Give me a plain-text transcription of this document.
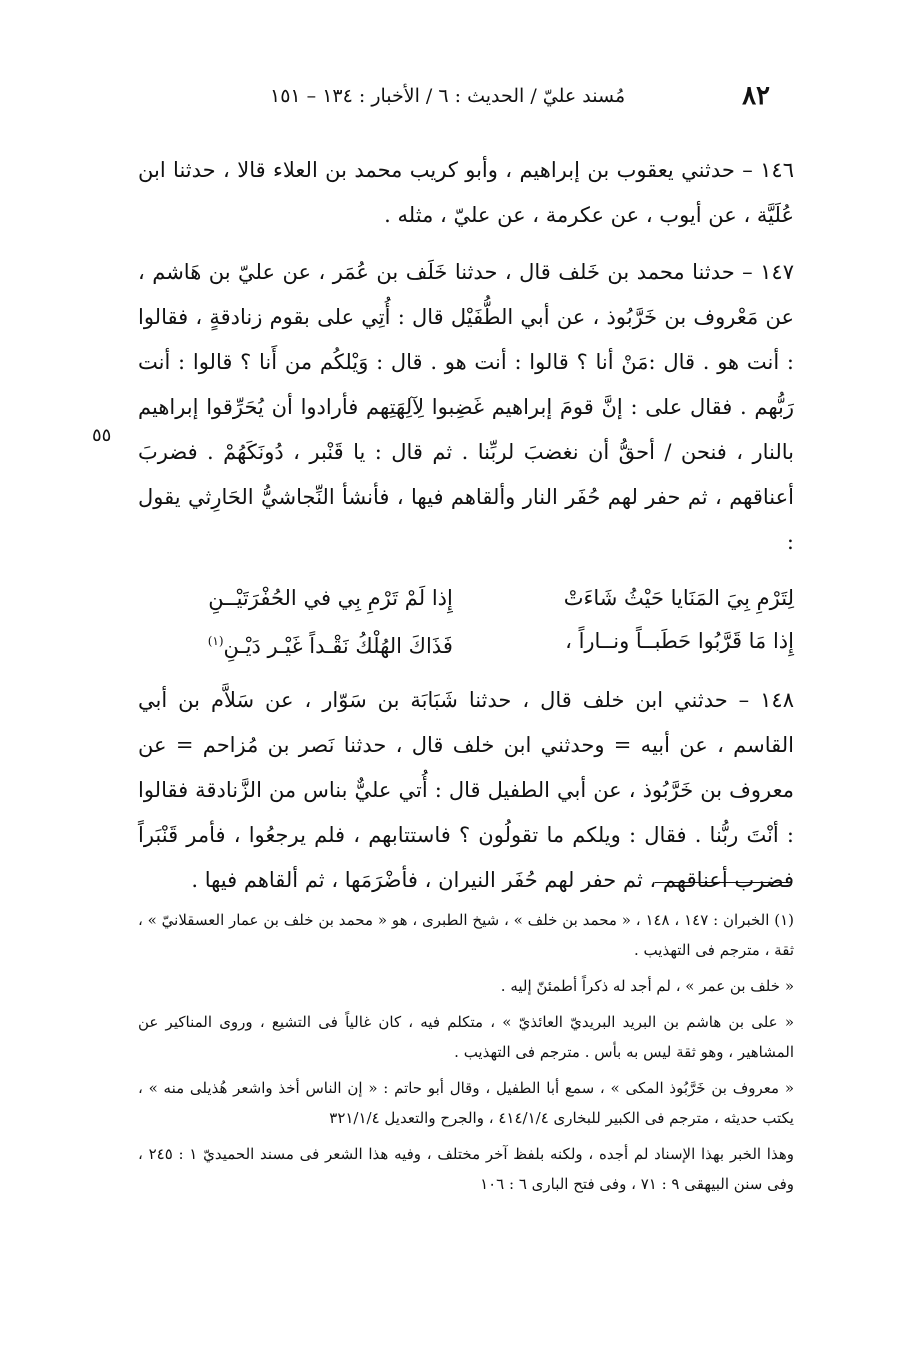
٨٢
مُسند عليّ / الحديث : ٦ / الأخبار : ١٣٤ – ١٥١

١٤٦ – حدثني يعقوب بن إبراهيم ، وأبو كريب محمد بن العلاء قالا ، حدثنا ابن عُلَيَّة ، عن أيوب ، عن عكرمة ، عن عليّ ، مثله .

١٤٧ – حدثنا محمد بن خَلف قال ، حدثنا خَلَف بن عُمَر ، عن عليّ بن هَاشم ، عن مَعْروف بن خَرَّبُوذ ، عن أبي الطُّفَيْل قال : أُتِي على بقوم زنادقةٍ ، فقالوا : أنت هو . قال :مَنْ أنا ؟ قالوا : أنت هو . قال : وَيْلكُم من أَنا ؟ قالوا : أنت رَبُّهم . فقال على : إنَّ قومَ إبراهيم غَضِبوا لِآلِهَتِهم فأرادوا أن يُحَرِّقوا إبراهيم بالنار ، فنحن / أحقُّ أن نغضبَ لربِّنا . ثم قال : يا قَنْبر ، دُونَكَهُمْ . فضربَ أعناقهم ، ثم حفر لهم حُفَر النار وألقاهم فيها ، فأنشأ النِّجاشيُّ الحَارِثي يقول :

لِتَرْمِ بِيَ المَنَايا حَيْثُ شَاءَتْ
إِذا لَمْ تَرْمِ بِي في الحُفْرَتَيْــنِ
إِذا مَا قَرَّبُوا حَطَبــاً ونــاراً ،
فَذَاكَ الهُلْكُ نَقْـداً غَيْـر دَيْـنِ$^{(١)}$

١٤٨ – حدثني ابن خلف قال ، حدثنا شَبَابَة بن سَوّار ، عن سَلاَّم بن أبي القاسم ، عن أبيه = وحدثني ابن خلف قال ، حدثنا نَصر بن مُزاحم = عن معروف بن خَرَّبُوذ ، عن أبي الطفيل قال : أُتي عليٌّ بناس من الزَّنادقة فقالوا : أنْتَ ربُّنا . فقال : ويلكم ما تقولُون ؟ فاستتابهم ، فلم يرجعُوا ، فأمر قَنْبَراً فضرب أعناقهم ، ثم حفر لهم حُفَر النيران ، فأضْرَمَها ، ثم ألقاهم فيها .

٥٥

(١) الخبران : ١٤٧ ، ١٤٨ ، « محمد بن خلف » ، شيخ الطبرى ، هو « محمد بن خلف بن عمار العسقلانيّ » ، ثقة ، مترجم فى التهذيب .

« خلف بن عمر » ، لم أجد له ذكراً أطمئنّ إليه .

« على بن هاشم بن البريد البريديّ العائذيّ » ، متكلم فيه ، كان غالياً فى التشيع ، وروى المناكير عن المشاهير ، وهو ثقة ليس به بأس . مترجم فى التهذيب .

« معروف بن خَرَّبُوذ المكى » ، سمع أبا الطفيل ، وقال أبو حاتم : « إن الناس أخذ واشعر هُذيلى منه » ، يكتب حديثه ، مترجم فى الكبير للبخارى ٤١٤/١/٤ ، والجرح والتعديل ٣٢١/١/٤

وهذا الخبر بهذا الإسناد لم أجده ، ولكنه بلفظ آخر مختلف ، وفيه هذا الشعر فى مسند الحميديّ ١ : ٢٤٥ ، وفى سنن البيهقى ٩ : ٧١ ، وفى فتح البارى ٦ : ١٠٦
